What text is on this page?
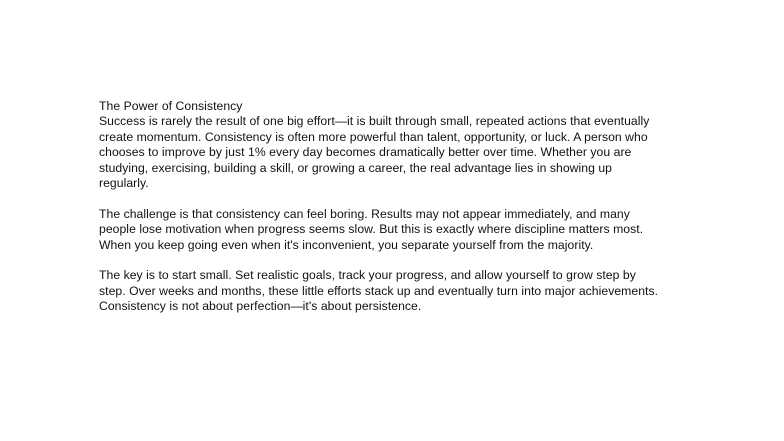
The Power of Consistency

Success is rarely the result of one big effort—it is built through small, repeated actions that eventually
create momentum. Consistency is often more powerful than talent, opportunity, or luck. A person who
chooses to improve by just 1% every day becomes dramatically better over time. Whether you are
studying, exercising, building a skill, or growing a career, the real advantage lies in showing up
regularly.

The challenge is that consistency can feel boring. Results may not appear immediately, and many
people lose motivation when progress seems slow. But this is exactly where discipline matters most.
When you keep going even when it's inconvenient, you separate yourself from the majority.

The key is to start small. Set realistic goals, track your progress, and allow yourself to grow step by
step. Over weeks and months, these little efforts stack up and eventually turn into major achievements.
Consistency is not about perfection—it's about persistence.
